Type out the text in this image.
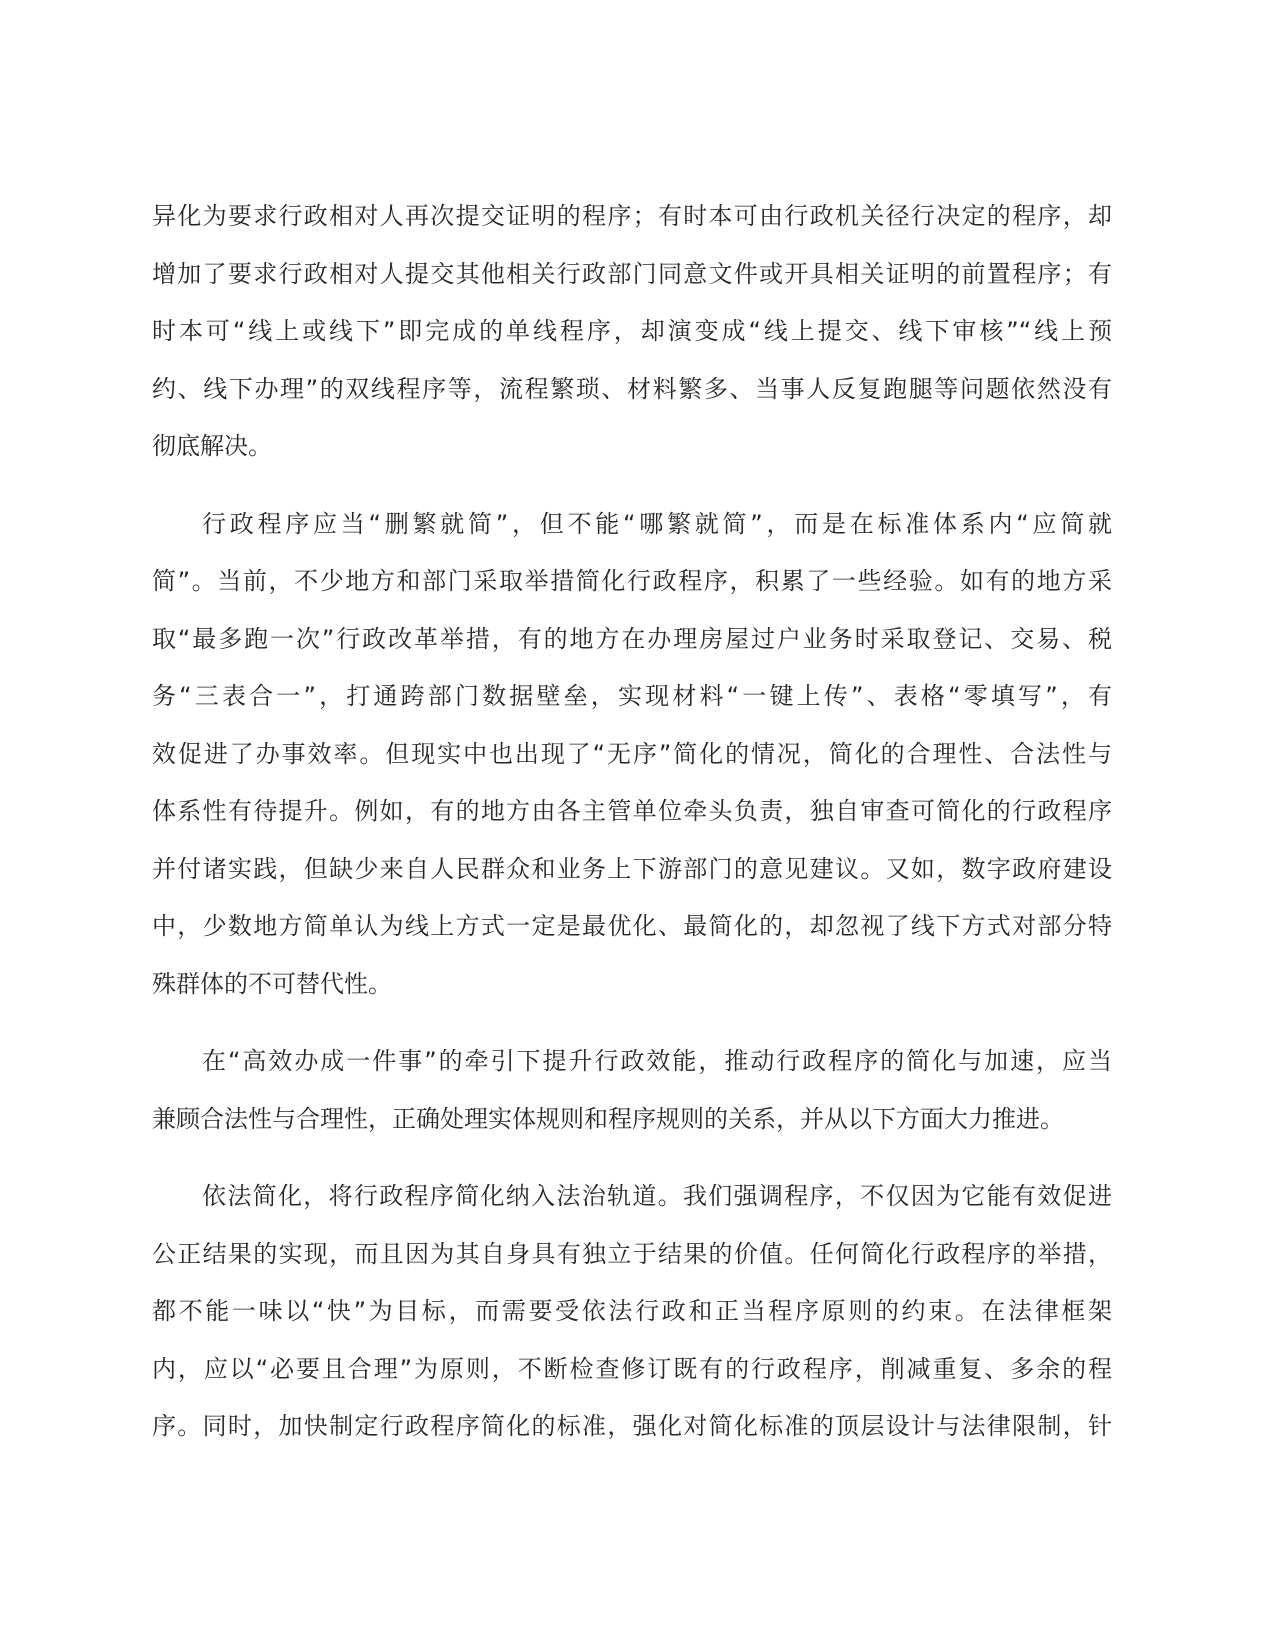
异化为要求行政相对人再次提交证明的程序；有时本可由行政机关径行决定的程序，却
增加了要求行政相对人提交其他相关行政部门同意文件或开具相关证明的前置程序；有
时本可“线上或线下”即完成的单线程序，却演变成“线上提交、线下审核”“线上预
约、线下办理”的双线程序等，流程繁琐、材料繁多、当事人反复跑腿等问题依然没有
彻底解决。
行政程序应当“删繁就简”，但不能“哪繁就简”，而是在标准体系内“应简就
简”。当前，不少地方和部门采取举措简化行政程序，积累了一些经验。如有的地方采
取“最多跑一次”行政改革举措，有的地方在办理房屋过户业务时采取登记、交易、税
务“三表合一”，打通跨部门数据壁垒，实现材料“一键上传”、表格“零填写”，有
效促进了办事效率。但现实中也出现了“无序”简化的情况，简化的合理性、合法性与
体系性有待提升。例如，有的地方由各主管单位牵头负责，独自审查可简化的行政程序
并付诸实践，但缺少来自人民群众和业务上下游部门的意见建议。又如，数字政府建设
中，少数地方简单认为线上方式一定是最优化、最简化的，却忽视了线下方式对部分特
殊群体的不可替代性。
在“高效办成一件事”的牵引下提升行政效能，推动行政程序的简化与加速，应当
兼顾合法性与合理性，正确处理实体规则和程序规则的关系，并从以下方面大力推进。
依法简化，将行政程序简化纳入法治轨道。我们强调程序，不仅因为它能有效促进
公正结果的实现，而且因为其自身具有独立于结果的价值。任何简化行政程序的举措，
都不能一味以“快”为目标，而需要受依法行政和正当程序原则的约束。在法律框架
内，应以“必要且合理”为原则，不断检查修订既有的行政程序，削减重复、多余的程
序。同时，加快制定行政程序简化的标准，强化对简化标准的顶层设计与法律限制，针
